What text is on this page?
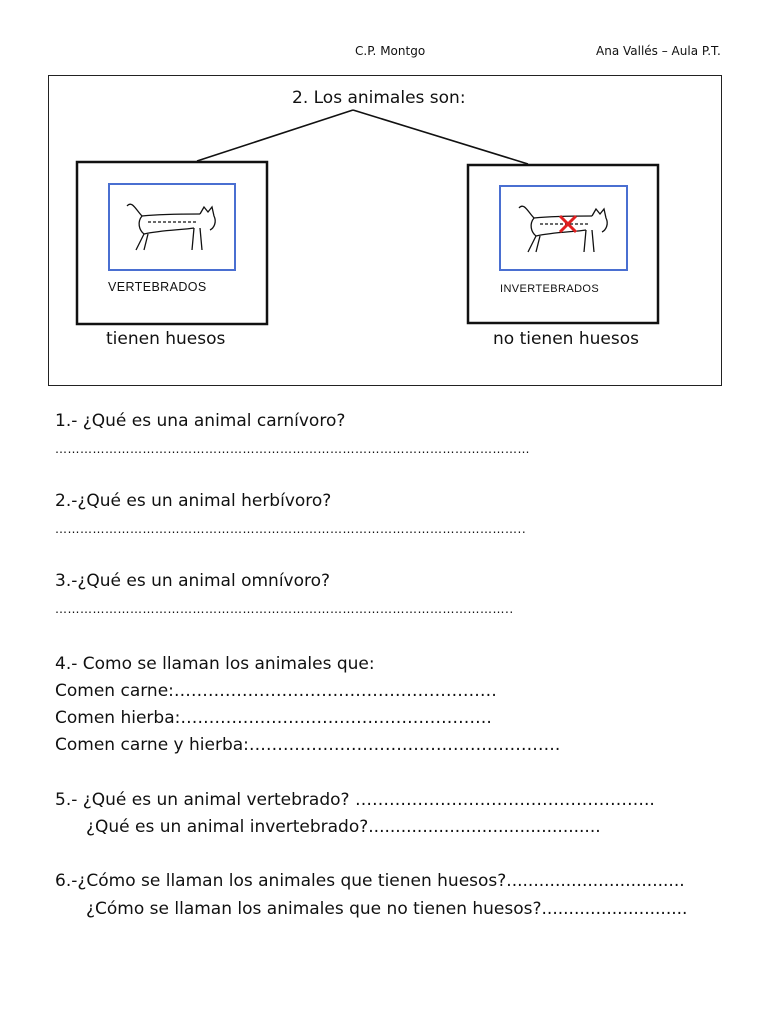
C.P. Montgo	Ana Vallés – Aula P.T.
2. Los animales son:
VERTEBRADOS	INVERTEBRADOS
tienen huesos	no tienen huesos
1.- ¿Qué es una animal carnívoro?
……………………………………………………………………………………………………
2.-¿Qué es un animal herbívoro?
…………………………………………………………………………………………………..
3.-¿Qué es un animal omnívoro?
………………………………………………………………………………………………..
4.- Como se llaman los animales que:
Comen carne:…………………………………………………
Comen hierba:……………………………………………….
Comen carne y hierba:……………………………………………….
5.- ¿Qué es un animal vertebrado? ……………………………………………..
¿Qué es un animal invertebrado?...........................................
6.-¿Cómo se llaman los animales que tienen huesos?.................................
¿Cómo se llaman los animales que no tienen huesos?...........................
